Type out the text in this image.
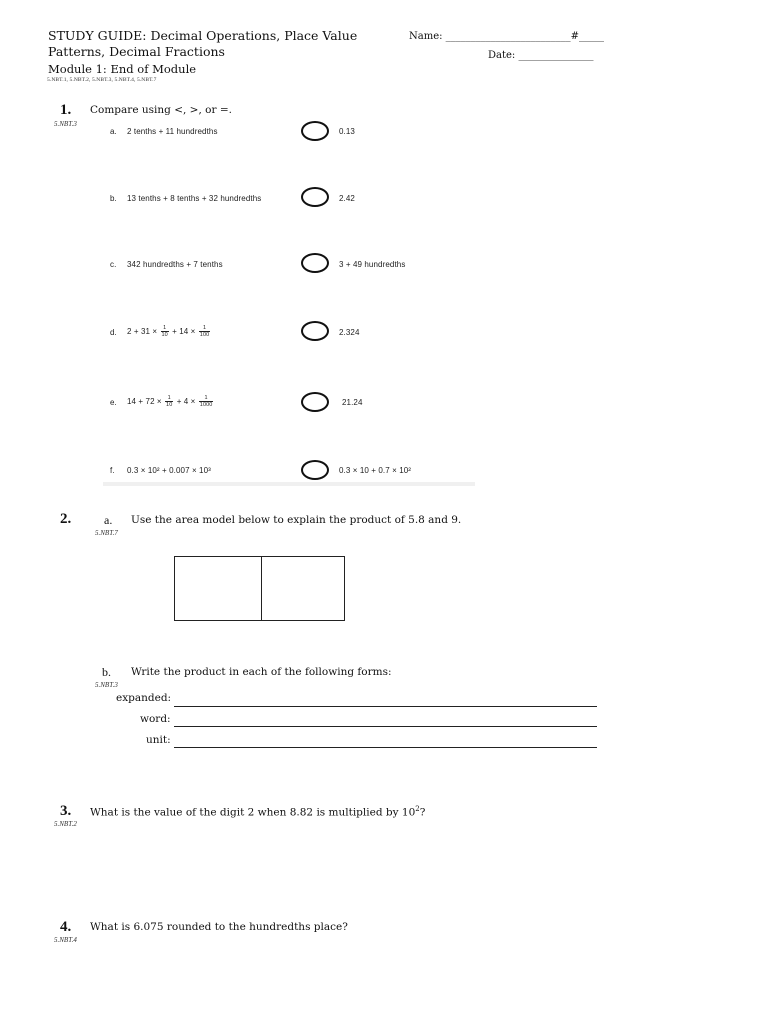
STUDY GUIDE: Decimal Operations, Place Value
Patterns, Decimal Fractions
Module 1: End of Module
5.NBT.1, 5.NBT.2, 5.NBT.3, 5.NBT.4, 5.NBT.7
Name: _________________________#_____
Date: _______________
1.
5.NBT.3
Compare using <, >, or =.
a. 2 tenths + 11 hundredths	0.13
b. 13 tenths + 8 tenths + 32 hundredths	2.42
c. 342 hundredths + 7 tenths	3 + 49 hundredths
d. $2 + 31 \times \frac{1}{10} + 14 \times \frac{1}{100}$	2.324
e. $14 + 72 \times \frac{1}{10} + 4 \times \frac{1}{1000}$	21.24
f. 0.3 × 10² + 0.007 × 10³	0.3 × 10 + 0.7 × 10²
2.	a.
5.NBT.7
Use the area model below to explain the product of 5.8 and 9.
b.
5.NBT.3
Write the product in each of the following forms:
expanded:
word:
unit:
3.
5.NBT.2
What is the value of the digit 2 when 8.82 is multiplied by $10^2$?
4.
5.NBT.4
What is 6.075 rounded to the hundredths place?
